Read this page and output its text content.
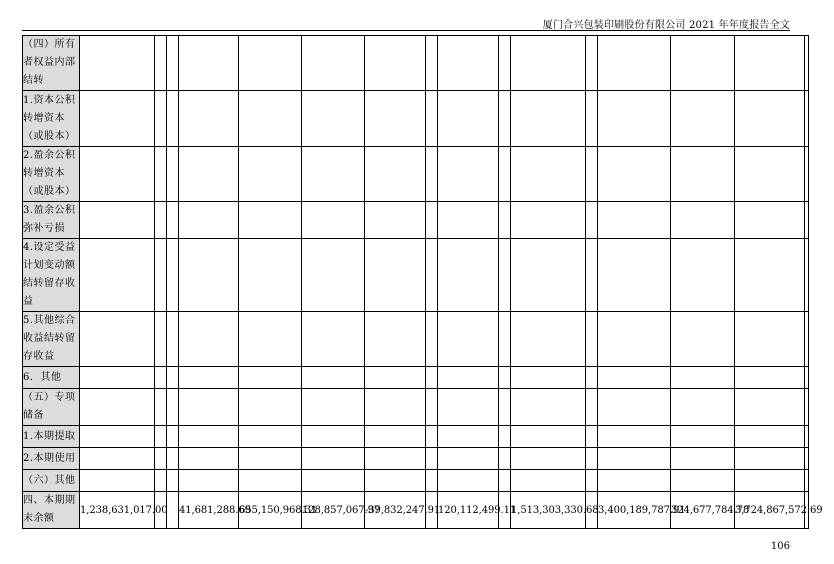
厦门合兴包装印刷股份有限公司 2021 年年度报告全文
（四）所有者权益内部结转																
1.资本公积转增资本（或股本）																
2.盈余公积转增资本（或股本）																
3.盈余公积弥补亏损																
4.设定受益计划变动额结转留存收益																
5.其他综合收益结转留存收益																
6．其他																
（五）专项储备																
1.本期提取																
2.本期使用																
（六）其他																
四、本期期末余额	1,238,631,017.00			41,681,288.69	655,150,968.31	128,857,067.97	-39,832,247.91		120,112,499.11		1,513,303,330.68		3,400,189,787.91	324,677,784.78	3,724,867,572.69	
106
